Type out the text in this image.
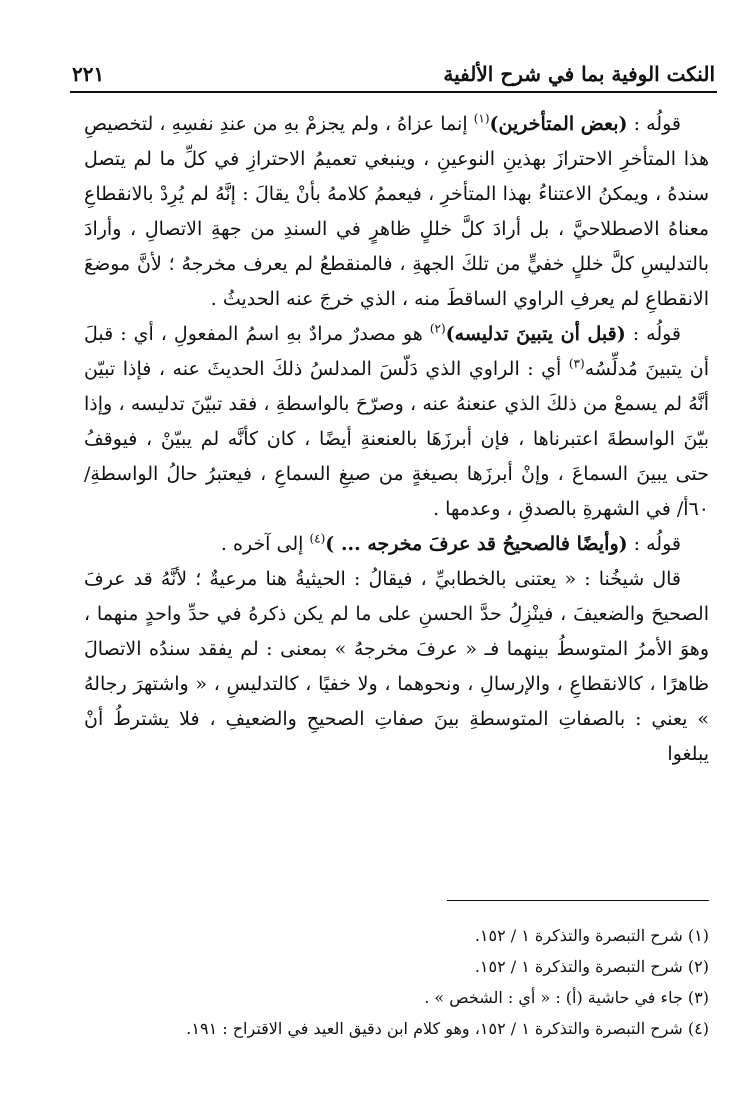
النكت الوفية بما في شرح الألفية
٢٢١

قولُه : (بعض المتأخرين)$^{(١)}$ إنما عزاهُ ، ولم يجزمْ بهِ من عندِ نفسِهِ ، لتخصيصِ هذا المتأخرِ الاحترازَ بهذينِ النوعينِ ، وينبغي تعميمُ الاحترازِ في كلِّ ما لم يتصل سندهُ ، ويمكنُ الاعتناءُ بهذا المتأخرِ ، فيعممُ كلامهُ بأنْ يقالَ : إنَّهُ لم يُرِدْ بالانقطاعِ معناهُ الاصطلاحيَّ ، بل أرادَ كلَّ خللٍ ظاهرٍ في السندِ من جهةِ الاتصالِ ، وأرادَ بالتدليسِ كلَّ خللٍ خفيٍّ من تلكَ الجهةِ ، فالمنقطعُ لم يعرف مخرجهُ ؛ لأنَّ موضعَ الانقطاعِ لم يعرفِ الراوي الساقطَ منه ، الذي خرجَ عنه الحديثُ .

قولُه : (قبل أن يتبينَ تدليسه)$^{(٢)}$ هو مصدرٌ مرادٌ بهِ اسمُ المفعولِ ، أي : قبلَ أن يتبينَ مُدلِّسُه$^{(٣)}$ أي : الراوي الذي دَلّسَ المدلسُ ذلكَ الحديثَ عنه ، فإذا تبيّن أنَّهُ لم يسمعْ من ذلكَ الذي عنعنهُ عنه ، وصرّحَ بالواسطةِ ، فقد تبيّنَ تدليسه ، وإذا بيّنَ الواسطةَ اعتبرناها ، فإن أبرزَهَا بالعنعنةِ أيضًا ، كان كأنَّه لم يبيّنْ ، فيوقفُ حتى يبينَ السماعَ ، وإنْ أبرزَها بصيغةٍ من صيغِ السماعِ ، فيعتبرُ حالُ الواسطةِ/٦٠أ/ في الشهرةِ بالصدقِ ، وعدمها .

قولُه : (وأيضًا فالصحيحُ قد عرفَ مخرجه ... )$^{(٤)}$ إلى آخره .

قال شيخُنا : « يعتنى بالخطابيِّ ، فيقالُ : الحيثيةُ هنا مرعيةٌ ؛ لأنَّهُ قد عرفَ الصحيحَ والضعيفَ ، فينْزِلُ حدَّ الحسنِ على ما لم يكن ذكرهُ في حدِّ واحدٍ منهما ، وهوَ الأمرُ المتوسطُ بينهما فـ « عرفَ مخرجهُ » بمعنى : لم يفقد سندُه الاتصالَ ظاهرًا ، كالانقطاعِ ، والإرسالِ ، ونحوهما ، ولا خفيًا ، كالتدليسِ ، « واشتهرَ رجالهُ » يعني : بالصفاتِ المتوسطةِ بينَ صفاتِ الصحيحِ والضعيفِ ، فلا يشترطُ أنْ يبلغوا

(١) شرح التبصرة والتذكرة ١ / ١٥٢.

(٢) شرح التبصرة والتذكرة ١ / ١٥٢.

(٣) جاء في حاشية (أ) : « أي : الشخص » .

(٤) شرح التبصرة والتذكرة ١ / ١٥٢، وهو كلام ابن دقيق العيد في الاقتراح : ١٩١.
